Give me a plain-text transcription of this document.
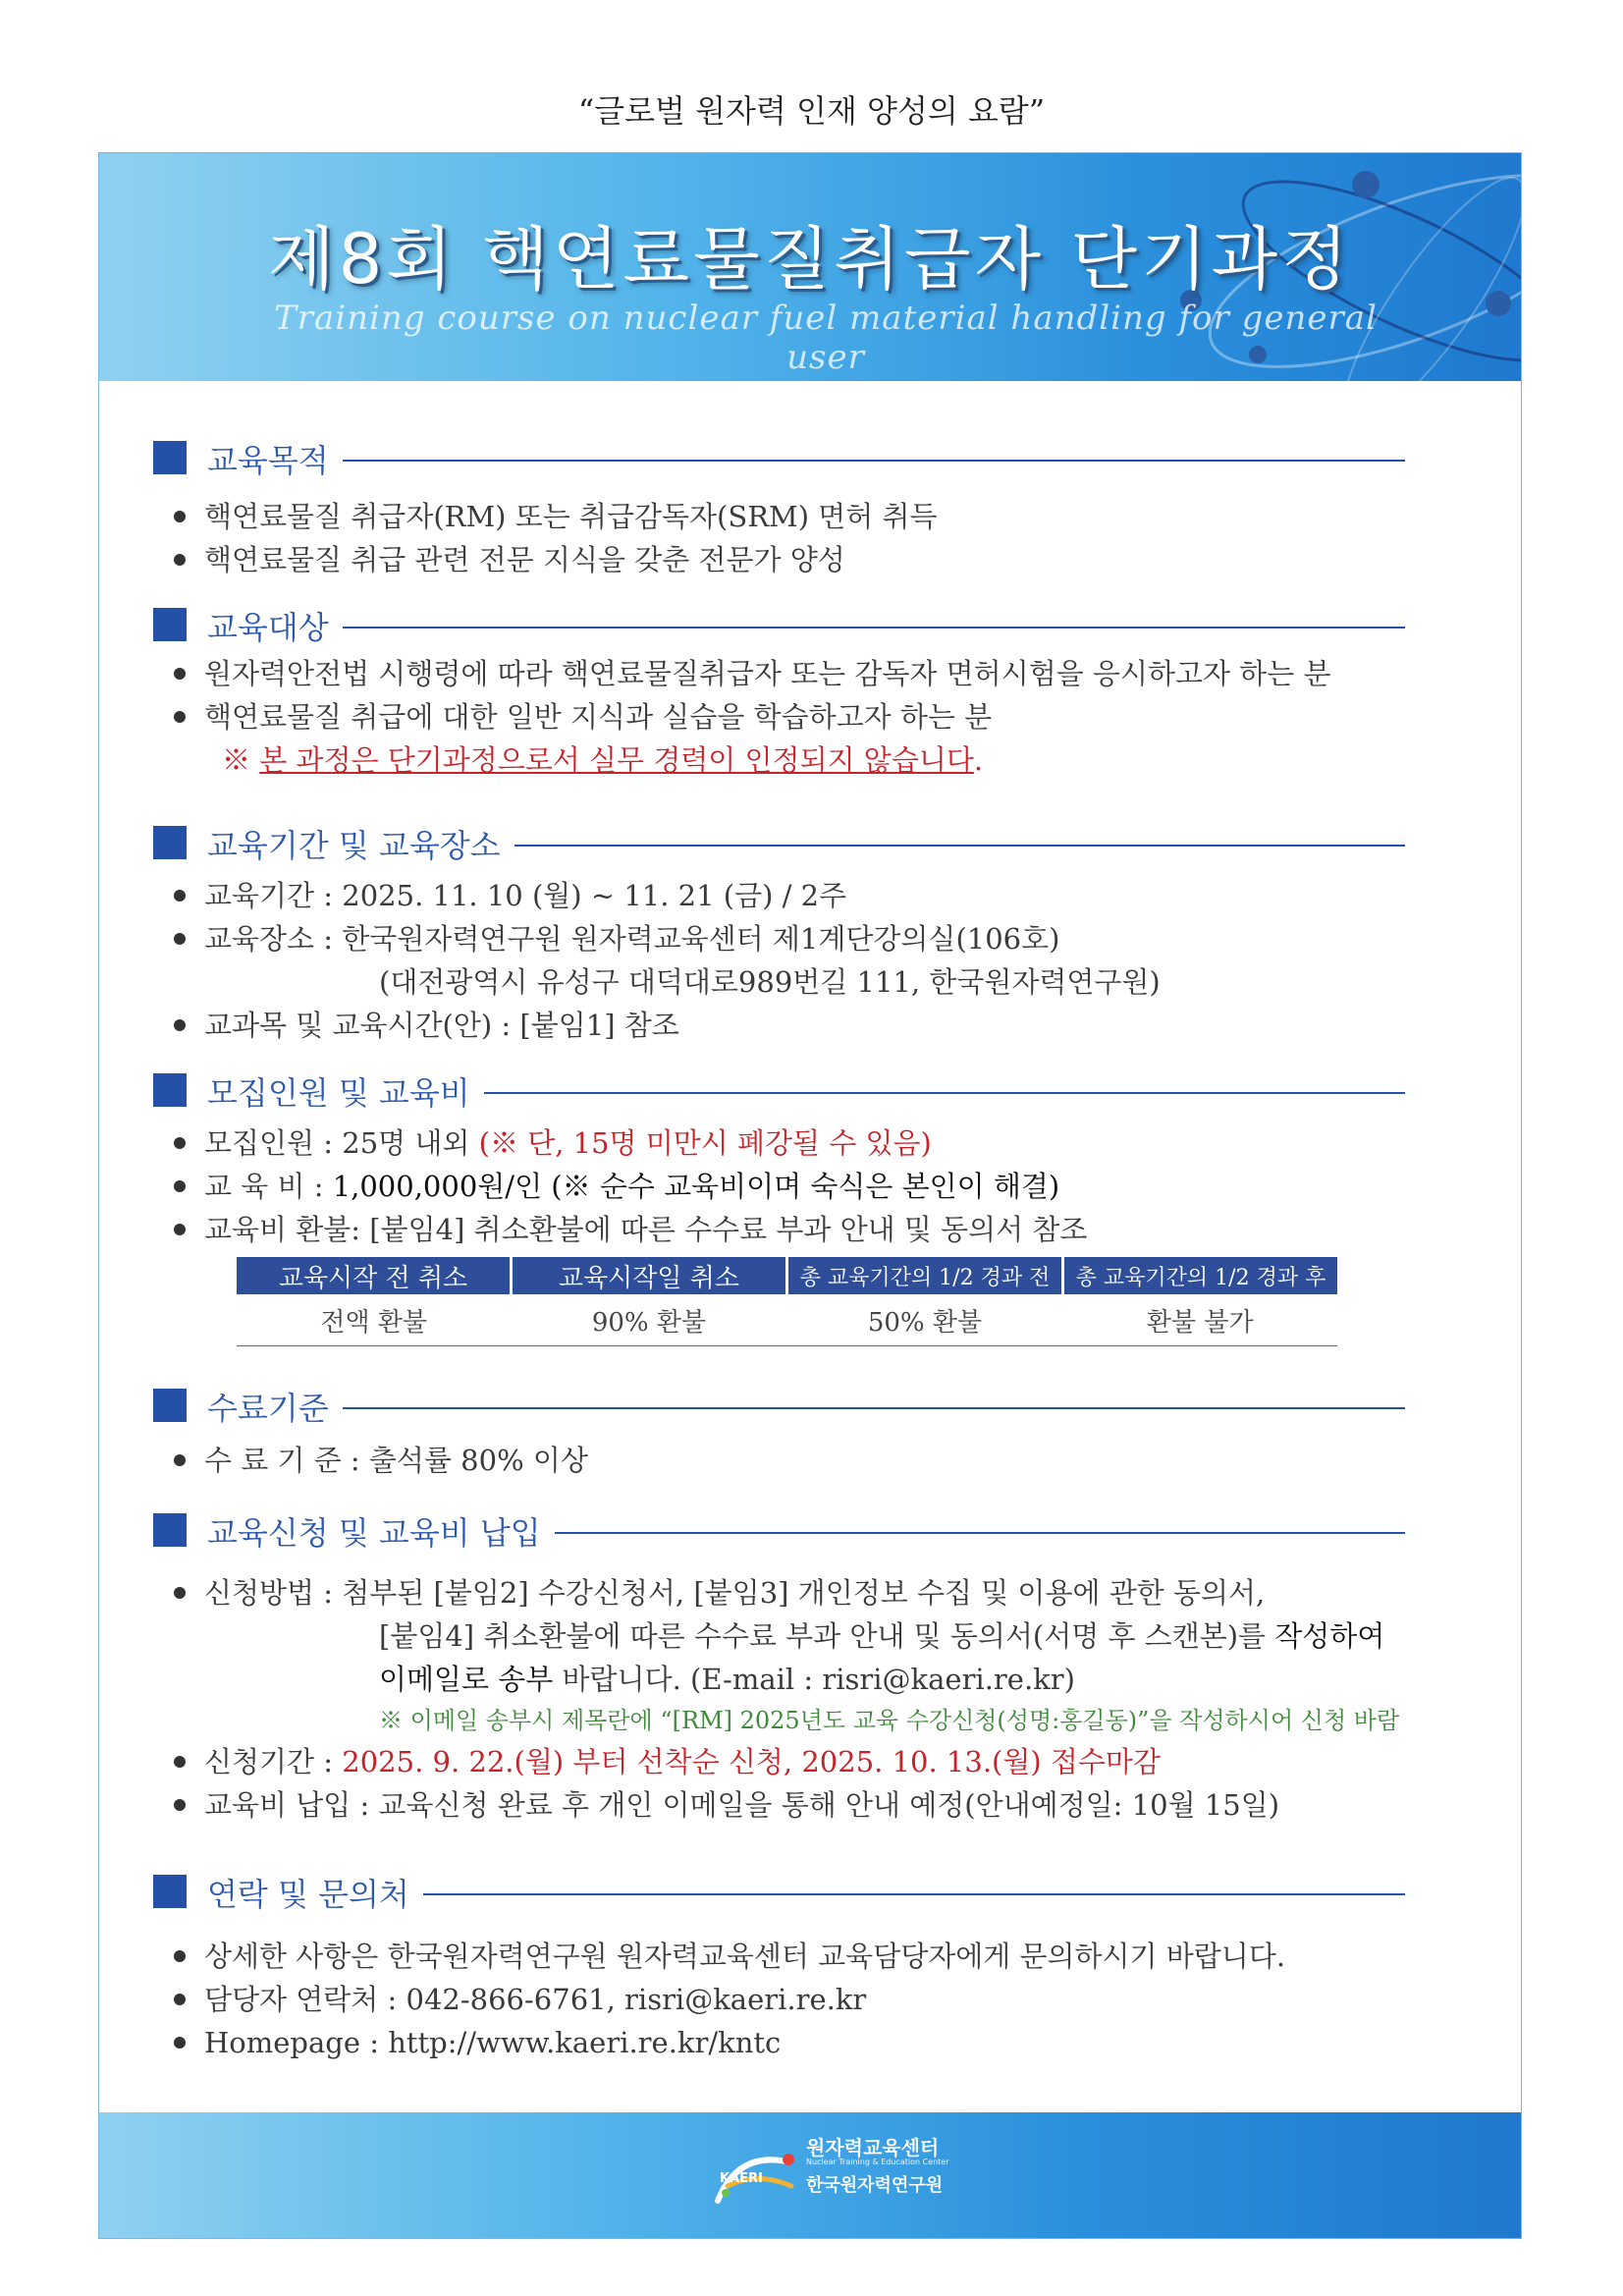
“글로벌 원자력 인재 양성의 요람”
제8회 핵연료물질취급자 단기과정
Training course on nuclear fuel material handling for general user
교육목적
핵연료물질 취급자(RM) 또는 취급감독자(SRM) 면허 취득
핵연료물질 취급 관련 전문 지식을 갖춘 전문가 양성
교육대상
원자력안전법 시행령에 따라 핵연료물질취급자 또는 감독자 면허시험을 응시하고자 하는 분
핵연료물질 취급에 대한 일반 지식과 실습을 학습하고자 하는 분
※ 본 과정은 단기과정으로서 실무 경력이 인정되지 않습니다.
교육기간 및 교육장소
교육기간 : 2025. 11. 10 (월) ~ 11. 21 (금) / 2주
교육장소 : 한국원자력연구원 원자력교육센터 제1계단강의실(106호)
(대전광역시 유성구 대덕대로989번길 111, 한국원자력연구원)
교과목 및 교육시간(안) : [붙임1] 참조
모집인원 및 교육비
모집인원 : 25명 내외 (※ 단, 15명 미만시 폐강될 수 있음)
교 육 비 : 1,000,000원/인 (※ 순수 교육비이며 숙식은 본인이 해결)
교육비 환불: [붙임4] 취소환불에 따른 수수료 부과 안내 및 동의서 참조
교육시작 전 취소	교육시작일 취소	총 교육기간의 1/2 경과 전	총 교육기간의 1/2 경과 후
전액 환불	90% 환불	50% 환불	환불 불가
수료기준
수 료 기 준 : 출석률 80% 이상
교육신청 및 교육비 납입
신청방법 : 첨부된 [붙임2] 수강신청서, [붙임3] 개인정보 수집 및 이용에 관한 동의서,
[붙임4] 취소환불에 따른 수수료 부과 안내 및 동의서(서명 후 스캔본)를 작성하여
이메일로 송부 바랍니다. (E-mail : risri@kaeri.re.kr)
※ 이메일 송부시 제목란에 “[RM] 2025년도 교육 수강신청(성명:홍길동)”을 작성하시어 신청 바람
신청기간 : 2025. 9. 22.(월) 부터 선착순 신청, 2025. 10. 13.(월) 접수마감
교육비 납입 : 교육신청 완료 후 개인 이메일을 통해 안내 예정(안내예정일: 10월 15일)
연락 및 문의처
상세한 사항은 한국원자력연구원 원자력교육센터 교육담당자에게 문의하시기 바랍니다.
담당자 연락처 : 042-866-6761, risri@kaeri.re.kr
Homepage : http://www.kaeri.re.kr/kntc
KAERI
원자력교육센터
Nuclear Training & Education Center
한국원자력연구원
